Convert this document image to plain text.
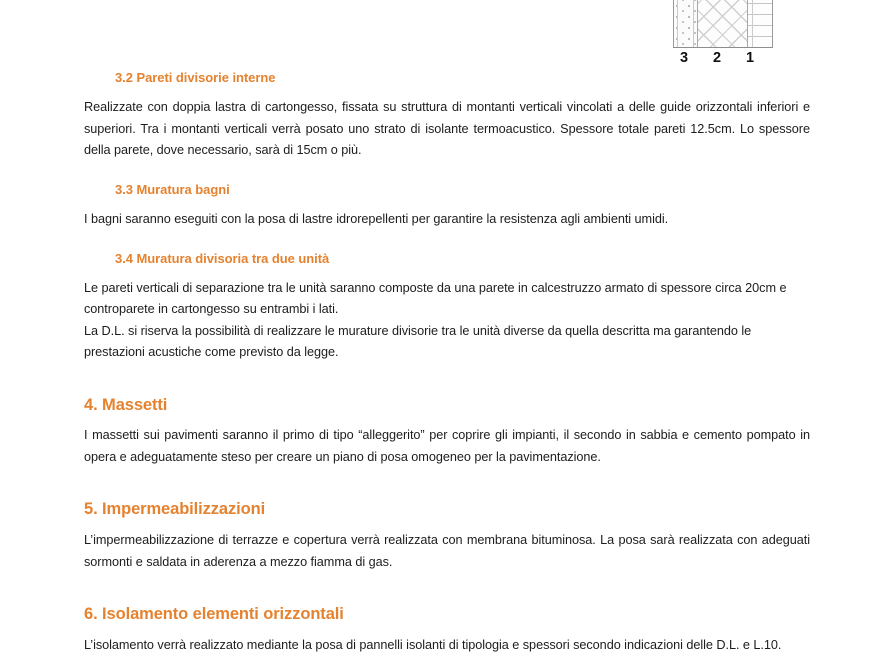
3 2 1
3.2 Pareti divisorie interne

Realizzate con doppia lastra di cartongesso, fissata su struttura di montanti verticali vincolati a delle guide orizzontali inferiori e superiori. Tra i montanti verticali verrà posato uno strato di isolante termoacustico. Spessore totale pareti 12.5cm. Lo spessore della parete, dove necessario, sarà di 15cm o più.

3.3 Muratura bagni

I bagni saranno eseguiti con la posa di lastre idrorepellenti per garantire la resistenza agli ambienti umidi.

3.4 Muratura divisoria tra due unità

Le pareti verticali di separazione tra le unità saranno composte da una parete in calcestruzzo armato di spessore circa 20cm e controparete in cartongesso su entrambi i lati.

La D.L. si riserva la possibilità di realizzare le murature divisorie tra le unità diverse da quella descritta ma garantendo le prestazioni acustiche come previsto da legge.

4. Massetti

I massetti sui pavimenti saranno il primo di tipo “alleggerito” per coprire gli impianti, il secondo in sabbia e cemento pompato in opera e adeguatamente steso per creare un piano di posa omogeneo per la pavimentazione.

5. Impermeabilizzazioni

L’impermeabilizzazione di terrazze e copertura verrà realizzata con membrana bituminosa. La posa sarà realizzata con adeguati sormonti e saldata in aderenza a mezzo fiamma di gas.

6. Isolamento elementi orizzontali

L’isolamento verrà realizzato mediante la posa di pannelli isolanti di tipologia e spessori secondo indicazioni delle D.L. e L.10.
